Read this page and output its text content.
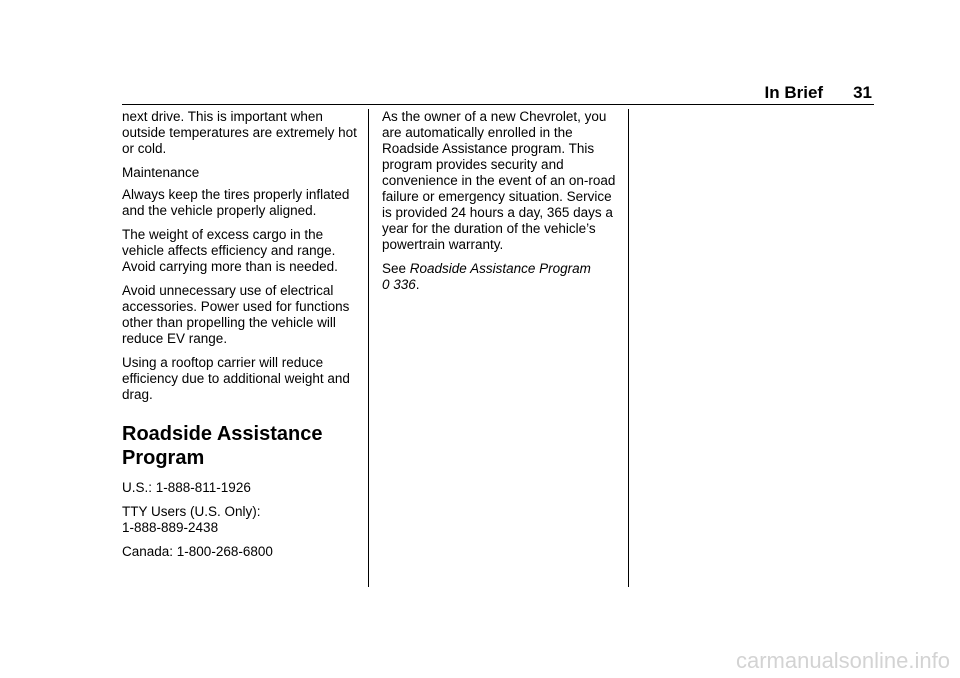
In Brief 31

next drive. This is important when outside temperatures are extremely hot or cold.

Maintenance

Always keep the tires properly inflated and the vehicle properly aligned.

The weight of excess cargo in the vehicle affects efficiency and range. Avoid carrying more than is needed.

Avoid unnecessary use of electrical accessories. Power used for functions other than propelling the vehicle will reduce EV range.

Using a rooftop carrier will reduce efficiency due to additional weight and drag.

Roadside Assistance Program

U.S.: 1-888-811-1926

TTY Users (U.S. Only):
1-888-889-2438

Canada: 1-800-268-6800

As the owner of a new Chevrolet, you are automatically enrolled in the Roadside Assistance program. This program provides security and convenience in the event of an on-road failure or emergency situation. Service is provided 24 hours a day, 365 days a year for the duration of the vehicle’s powertrain warranty.

See Roadside Assistance Program
0 336.

carmanualsonline.info
